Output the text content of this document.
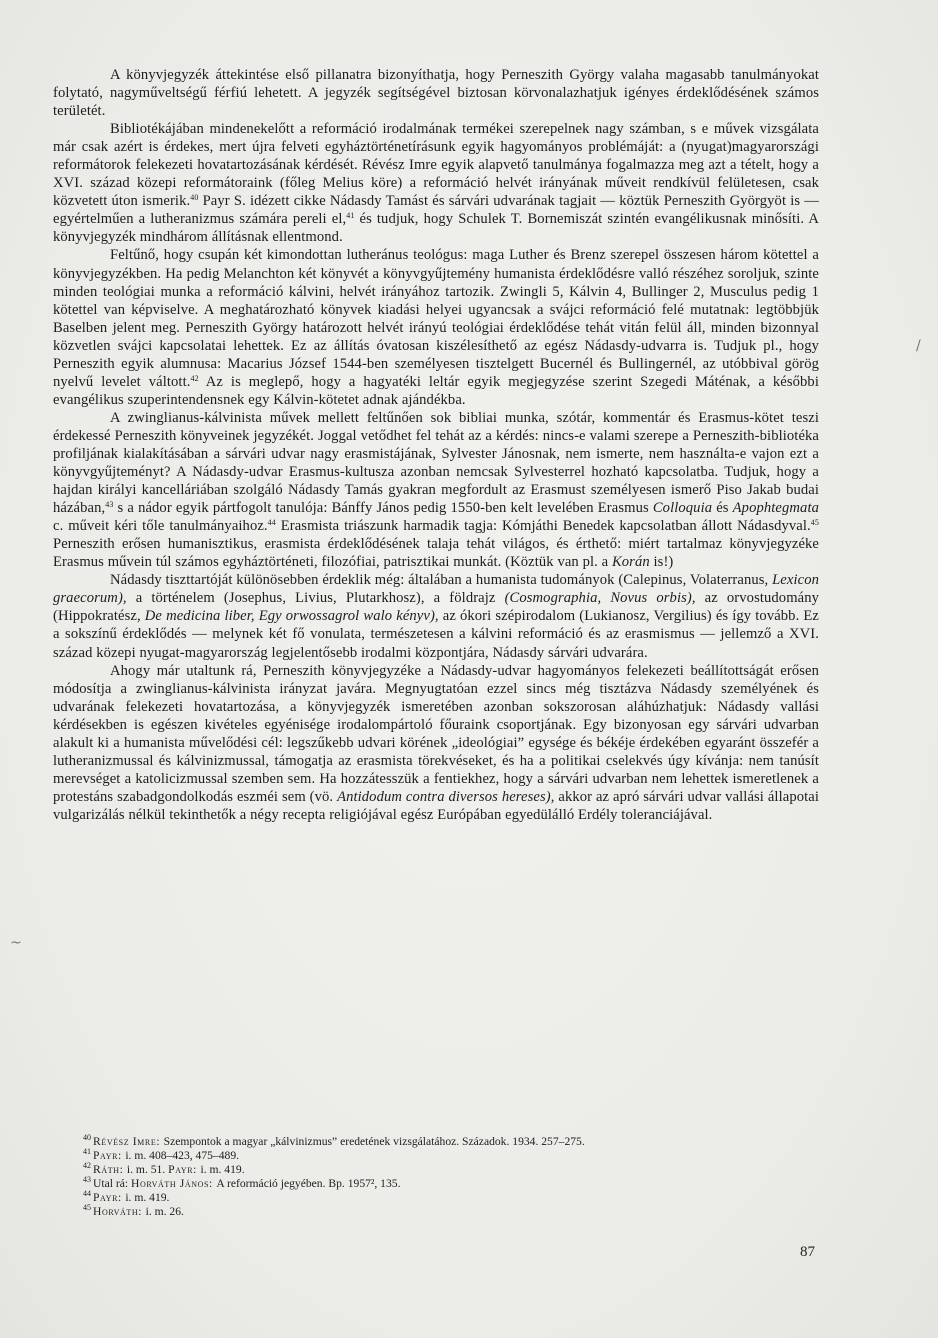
A könyvjegyzék áttekintése első pillanatra bizonyíthatja, hogy Perneszith György valaha magasabb tanulmányokat folytató, nagyműveltségű férfiú lehetett. A jegyzék segítségével biztosan körvonalazhatjuk igényes érdeklődésének számos területét.

Bibliotékájában mindenekelőtt a reformáció irodalmának termékei szerepelnek nagy számban, s e művek vizsgálata már csak azért is érdekes, mert újra felveti egyháztörténetírásunk egyik hagyományos problémáját: a (nyugat)magyarországi reformátorok felekezeti hovatartozásának kérdését. Révész Imre egyik alapvető tanulmánya fogalmazza meg azt a tételt, hogy a XVI. század közepi reformátoraink (főleg Melius köre) a reformáció helvét irányának műveit rendkívül felületesen, csak közvetett úton ismerik.$^{40}$ Payr S. idézett cikke Nádasdy Tamást és sárvári udvarának tagjait — köztük Perneszith Györgyöt is — egyértelműen a lutheranizmus számára pereli el,$^{41}$ és tudjuk, hogy Schulek T. Bornemiszát szintén evangélikusnak minősíti. A könyvjegyzék mindhárom állításnak ellentmond.

Feltűnő, hogy csupán két kimondottan lutheránus teológus: maga Luther és Brenz szerepel összesen három kötettel a könyvjegyzékben. Ha pedig Melanchton két könyvét a könyvgyűjtemény humanista érdeklődésre valló részéhez soroljuk, szinte minden teológiai munka a reformáció kálvini, helvét irányához tartozik. Zwingli 5, Kálvin 4, Bullinger 2, Musculus pedig 1 kötettel van képviselve. A meghatározható könyvek kiadási helyei ugyancsak a svájci reformáció felé mutatnak: legtöbbjük Baselben jelent meg. Perneszith György határozott helvét irányú teológiai érdeklődése tehát vitán felül áll, minden bizonnyal közvetlen svájci kapcsolatai lehettek. Ez az állítás óvatosan kiszélesíthető az egész Nádasdy-udvarra is. Tudjuk pl., hogy Perneszith egyik alumnusa: Macarius József 1544-ben személyesen tisztelgett Bucernél és Bullingernél, az utóbbival görög nyelvű levelet váltott.$^{42}$ Az is meglepő, hogy a hagyatéki leltár egyik megjegyzése szerint Szegedi Máténak, a későbbi evangélikus szuperintendensnek egy Kálvin-kötetet adnak ajándékba.

A zwinglianus-kálvinista művek mellett feltűnően sok bibliai munka, szótár, kommentár és Erasmus-kötet teszi érdekessé Perneszith könyveinek jegyzékét. Joggal vetődhet fel tehát az a kérdés: nincs-e valami szerepe a Perneszith-bibliotéka profiljának kialakításában a sárvári udvar nagy erasmistájának, Sylvester Jánosnak, nem ismerte, nem használta-e vajon ezt a könyvgyűjteményt? A Nádasdy-udvar Erasmus-kultusza azonban nemcsak Sylvesterrel hozható kapcsolatba. Tudjuk, hogy a hajdan királyi kancelláriában szolgáló Nádasdy Tamás gyakran megfordult az Erasmust személyesen ismerő Piso Jakab budai házában,$^{43}$ s a nádor egyik pártfogolt tanulója: Bánffy János pedig 1550-ben kelt levelében Erasmus Colloquia és Apophtegmata c. műveit kéri tőle tanulmányaihoz.$^{44}$ Erasmista triászunk harmadik tagja: Kómjáthi Benedek kapcsolatban állott Nádasdyval.$^{45}$ Perneszith erősen humanisztikus, erasmista érdeklődésének talaja tehát világos, és érthető: miért tartalmaz könyvjegyzéke Erasmus művein túl számos egyháztörténeti, filozófiai, patrisztikai munkát. (Köztük van pl. a Korán is!)

Nádasdy tiszttartóját különösebben érdeklik még: általában a humanista tudományok (Calepinus, Volaterranus, Lexicon graecorum), a történelem (Josephus, Livius, Plutarkhosz), a földrajz (Cosmographia, Novus orbis), az orvostudomány (Hippokratész, De medicina liber, Egy orwossagrol walo kényv), az ókori szépirodalom (Lukianosz, Vergilius) és így tovább. Ez a sokszínű érdeklődés — melynek két fő vonulata, természetesen a kálvini reformáció és az erasmismus — jellemző a XVI. század közepi nyugat-magyarország legjelentősebb irodalmi központjára, Nádasdy sárvári udvarára.

Ahogy már utaltunk rá, Perneszith könyvjegyzéke a Nádasdy-udvar hagyományos felekezeti beállítottságát erősen módosítja a zwinglianus-kálvinista irányzat javára. Megnyugtatóan ezzel sincs még tisztázva Nádasdy személyének és udvarának felekezeti hovatartozása, a könyvjegyzék ismeretében azonban sokszorosan aláhúzhatjuk: Nádasdy vallási kérdésekben is egészen kivételes egyénisége irodalompártoló főuraink csoportjának. Egy bizonyosan egy sárvári udvarban alakult ki a humanista művelődési cél: legszűkebb udvari körének „ideológiai” egysége és békéje érdekében egyaránt összefér a lutheranizmussal és kálvinizmussal, támogatja az erasmista törekvéseket, és ha a politikai cselekvés úgy kívánja: nem tanúsít merevséget a katolicizmussal szemben sem. Ha hozzátesszük a fentiekhez, hogy a sárvári udvarban nem lehettek ismeretlenek a protestáns szabadgondolkodás eszméi sem (vö. Antidodum contra diversos hereses), akkor az apró sárvári udvar vallási állapotai vulgarizálás nélkül tekinthetők a négy recepta religiójával egész Európában egyedülálló Erdély toleranciájával.

$^{40}$ Révész Imre: Szempontok a magyar „kálvinizmus” eredetének vizsgálatához. Századok. 1934. 257–275.
$^{41}$ Payr: i. m. 408–423, 475–489.
$^{42}$ Ráth: i. m. 51. Payr: i. m. 419.
$^{43}$ Utal rá: Horváth János: A reformáció jegyében. Bp. 1957², 135.
$^{44}$ Payr: i. m. 419.
$^{45}$ Horváth: i. m. 26.
87
/
~
